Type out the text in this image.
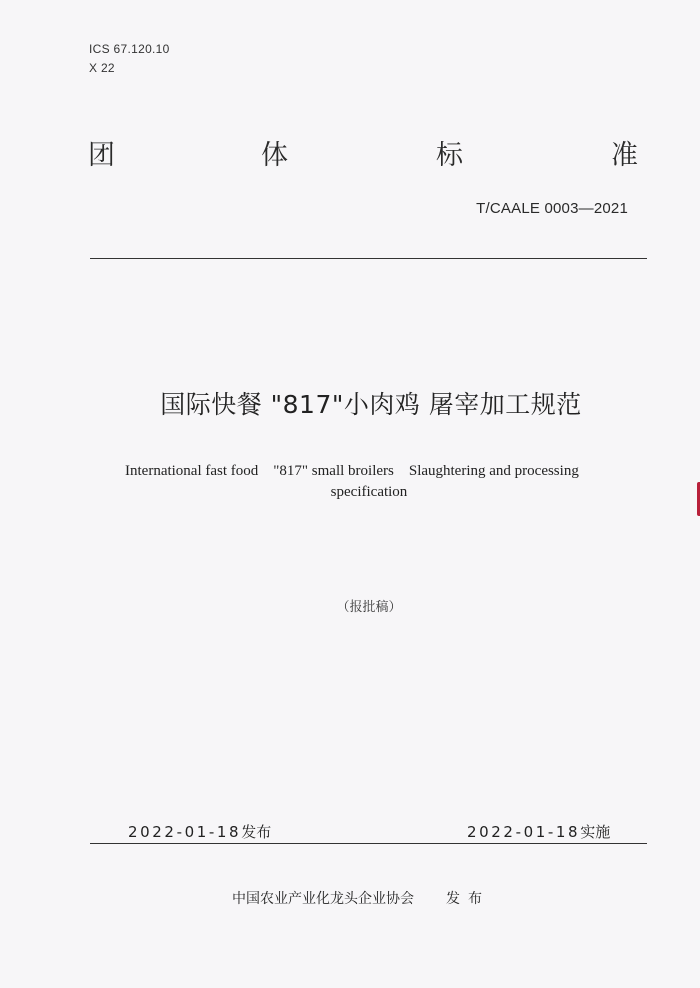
ICS 67.120.10
X 22
团	体	标	准
T/CAALE 0003—2021
国际快餐 "817"小肉鸡 屠宰加工规范
International fast food    "817" small broilers    Slaughtering and processing
specification
（报批稿）
2022-01-18发布	2022-01-18实施
中国农业产业化龙头企业协会 发布
